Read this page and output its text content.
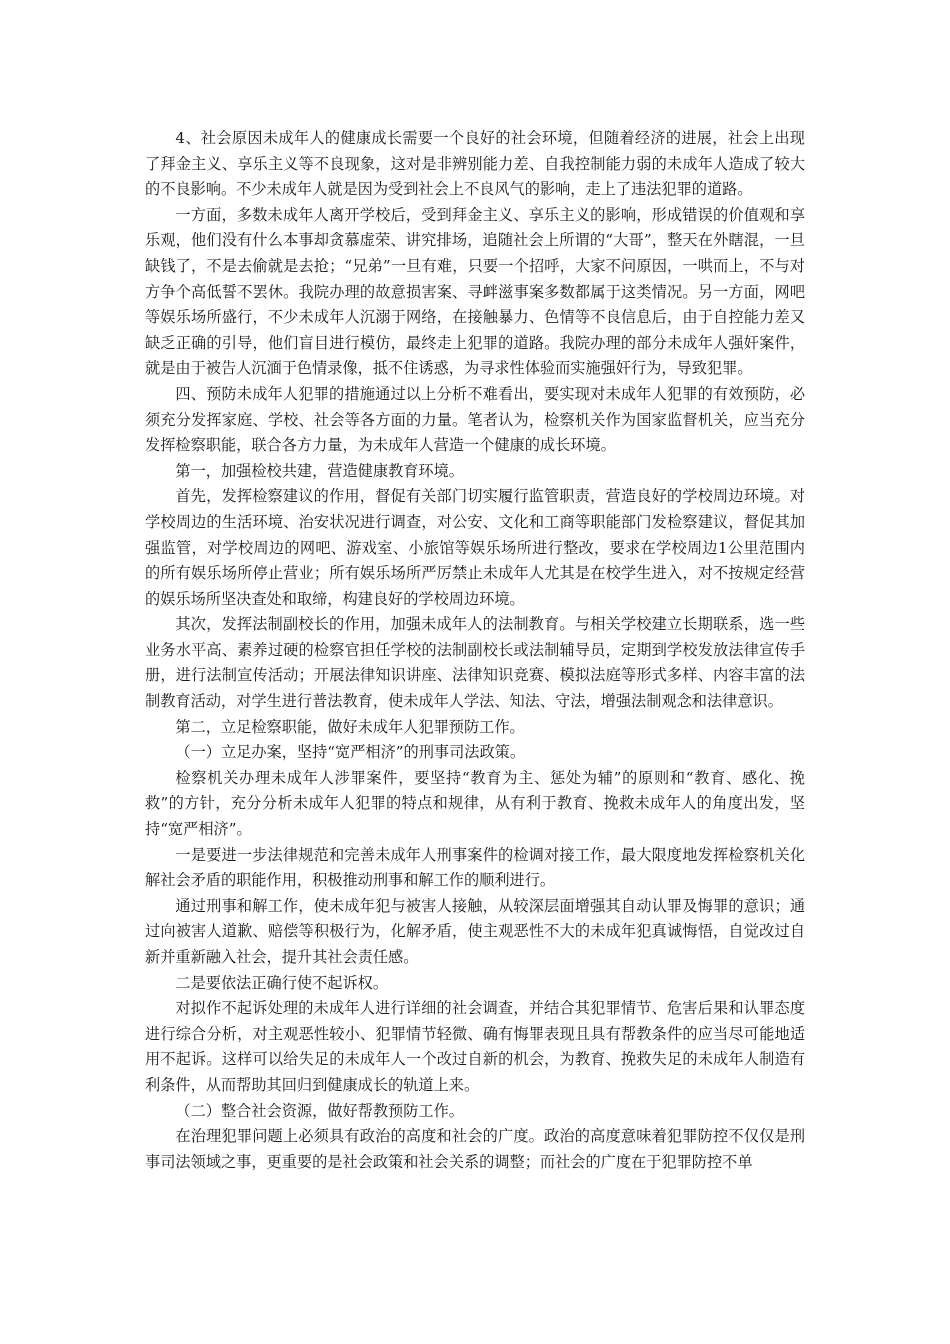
4、社会原因未成年人的健康成长需要一个良好的社会环境，但随着经济的进展，社会上出现了拜金主义、享乐主义等不良现象，这对是非辨别能力差、自我控制能力弱的未成年人造成了较大的不良影响。不少未成年人就是因为受到社会上不良风气的影响，走上了违法犯罪的道路。

一方面，多数未成年人离开学校后，受到拜金主义、享乐主义的影响，形成错误的价值观和享乐观，他们没有什么本事却贪慕虚荣、讲究排场，追随社会上所谓的“大哥”，整天在外瞎混，一旦缺钱了，不是去偷就是去抢；“兄弟”一旦有难，只要一个招呼，大家不问原因，一哄而上，不与对方争个高低誓不罢休。我院办理的故意损害案、寻衅滋事案多数都属于这类情况。另一方面，网吧等娱乐场所盛行，不少未成年人沉溺于网络，在接触暴力、色情等不良信息后，由于自控能力差又缺乏正确的引导，他们盲目进行模仿，最终走上犯罪的道路。我院办理的部分未成年人强奸案件，就是由于被告人沉湎于色情录像，抵不住诱惑，为寻求性体验而实施强奸行为，导致犯罪。

四、预防未成年人犯罪的措施通过以上分析不难看出，要实现对未成年人犯罪的有效预防，必须充分发挥家庭、学校、社会等各方面的力量。笔者认为，检察机关作为国家监督机关，应当充分发挥检察职能，联合各方力量，为未成年人营造一个健康的成长环境。

第一，加强检校共建，营造健康教育环境。

首先，发挥检察建议的作用，督促有关部门切实履行监管职责，营造良好的学校周边环境。对学校周边的生活环境、治安状况进行调查，对公安、文化和工商等职能部门发检察建议，督促其加强监管，对学校周边的网吧、游戏室、小旅馆等娱乐场所进行整改，要求在学校周边1公里范围内的所有娱乐场所停止营业；所有娱乐场所严厉禁止未成年人尤其是在校学生进入，对不按规定经营的娱乐场所坚决查处和取缔，构建良好的学校周边环境。

其次，发挥法制副校长的作用，加强未成年人的法制教育。与相关学校建立长期联系，选一些业务水平高、素养过硬的检察官担任学校的法制副校长或法制辅导员，定期到学校发放法律宣传手册，进行法制宣传活动；开展法律知识讲座、法律知识竞赛、模拟法庭等形式多样、内容丰富的法制教育活动，对学生进行普法教育，使未成年人学法、知法、守法，增强法制观念和法律意识。

第二，立足检察职能，做好未成年人犯罪预防工作。

（一）立足办案，坚持“宽严相济”的刑事司法政策。

检察机关办理未成年人涉罪案件，要坚持“教育为主、惩处为辅”的原则和“教育、感化、挽救”的方针，充分分析未成年人犯罪的特点和规律，从有利于教育、挽救未成年人的角度出发，坚持“宽严相济”。

一是要进一步法律规范和完善未成年人刑事案件的检调对接工作，最大限度地发挥检察机关化解社会矛盾的职能作用，积极推动刑事和解工作的顺利进行。

通过刑事和解工作，使未成年犯与被害人接触，从较深层面增强其自动认罪及悔罪的意识；通过向被害人道歉、赔偿等积极行为，化解矛盾，使主观恶性不大的未成年犯真诚悔悟，自觉改过自新并重新融入社会，提升其社会责任感。

二是要依法正确行使不起诉权。

对拟作不起诉处理的未成年人进行详细的社会调查，并结合其犯罪情节、危害后果和认罪态度进行综合分析，对主观恶性较小、犯罪情节轻微、确有悔罪表现且具有帮教条件的应当尽可能地适用不起诉。这样可以给失足的未成年人一个改过自新的机会，为教育、挽救失足的未成年人制造有利条件，从而帮助其回归到健康成长的轨道上来。

（二）整合社会资源，做好帮教预防工作。

在治理犯罪问题上必须具有政治的高度和社会的广度。政治的高度意味着犯罪防控不仅仅是刑事司法领域之事，更重要的是社会政策和社会关系的调整；而社会的广度在于犯罪防控不单
